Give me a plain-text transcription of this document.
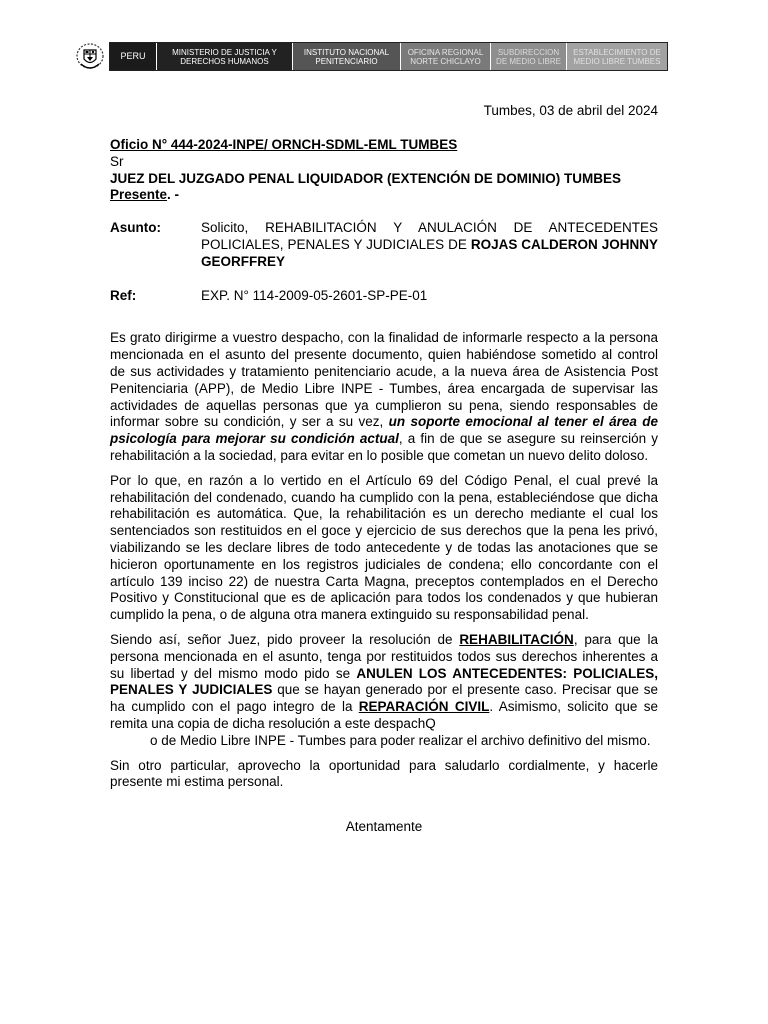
PERU	MINISTERIO DE JUSTICIA Y DERECHOS HUMANOS
INSTITUTO NACIONAL PENITENCIARIO
OFICINA REGIONAL NORTE CHICLAYO
SUBDIRECCION DE MEDIO LIBRE
ESTABLECIMIENTO DE MEDIO LIBRE TUMBES
Tumbes, 03 de abril del 2024
Oficio N° 444-2024-INPE/ ORNCH-SDML-EML TUMBES
Sr
JUEZ DEL JUZGADO PENAL LIQUIDADOR (EXTENCIÓN DE DOMINIO) TUMBES
Presente. -
Asunto:	Solicito, REHABILITACIÓN Y ANULACIÓN DE ANTECEDENTES POLICIALES, PENALES Y JUDICIALES DE ROJAS CALDERON JOHNNY GEORFFREY
Ref:	EXP. N° 114-2009-05-2601-SP-PE-01

Es grato dirigirme a vuestro despacho, con la finalidad de informarle respecto a la persona mencionada en el asunto del presente documento, quien habiéndose sometido al control de sus actividades y tratamiento penitenciario acude, a la nueva área de Asistencia Post Penitenciaria (APP), de Medio Libre INPE - Tumbes, área encargada de supervisar las actividades de aquellas personas que ya cumplieron su pena, siendo responsables de informar sobre su condición, y ser a su vez, un soporte emocional al tener el área de psicología para mejorar su condición actual, a fin de que se asegure su reinserción y rehabilitación a la sociedad, para evitar en lo posible que cometan un nuevo delito doloso.

Por lo que, en razón a lo vertido en el Artículo 69 del Código Penal, el cual prevé la rehabilitación del condenado, cuando ha cumplido con la pena, estableciéndose que dicha rehabilitación es automática. Que, la rehabilitación es un derecho mediante el cual los sentenciados son restituidos en el goce y ejercicio de sus derechos que la pena les privó, viabilizando se les declare libres de todo antecedente y de todas las anotaciones que se hicieron oportunamente en los registros judiciales de condena; ello concordante con el artículo 139 inciso 22) de nuestra Carta Magna, preceptos contemplados en el Derecho Positivo y Constitucional que es de aplicación para todos los condenados y que hubieran cumplido la pena, o de alguna otra manera extinguido su responsabilidad penal.

Siendo así, señor Juez, pido proveer la resolución de REHABILITACIÓN, para que la persona mencionada en el asunto, tenga por restituidos todos sus derechos inherentes a su libertad y del mismo modo pido se ANULEN LOS ANTECEDENTES: POLICIALES, PENALES Y JUDICIALES que se hayan generado por el presente caso. Precisar que se ha cumplido con el pago integro de la REPARACIÓN CIVIL. Asimismo, solicito que se remita una copia de dicha resolución a este despachQ
o de Medio Libre INPE - Tumbes para poder realizar el archivo definitivo del mismo.

Sin otro particular, aprovecho la oportunidad para saludarlo cordialmente, y hacerle presente mi estima personal.

Atentamente
